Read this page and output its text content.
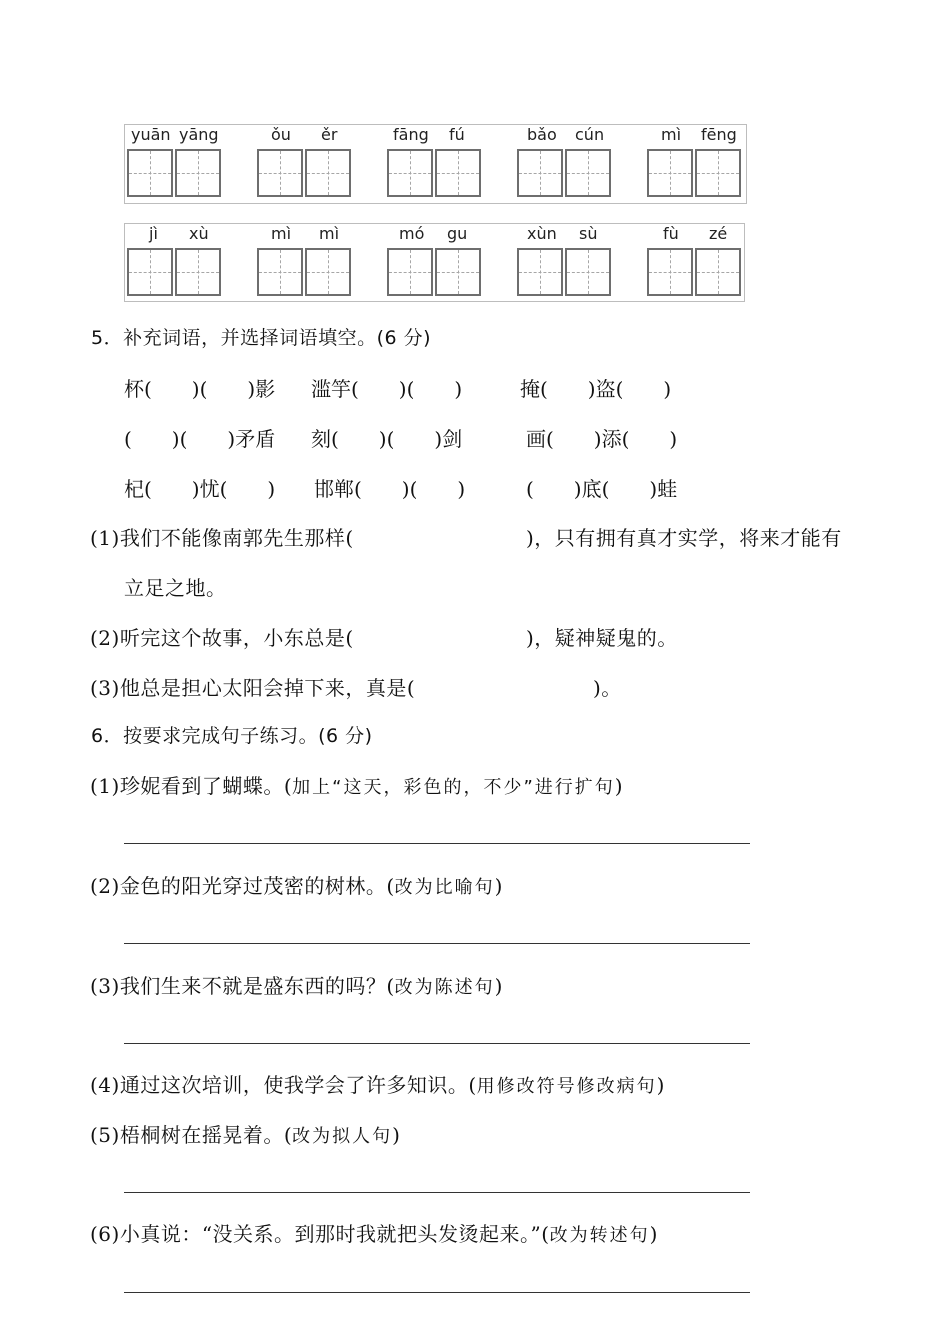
yuān yāng	ǒu ěr	fāng fú	bǎo cún	mì fēng
jì xù	mì mì	mó gu	xùn sù	fù zé
5．补充词语，并选择词语填空。(6 分)
杯(　　)(　　)影 滥竽(　　)(　　)	掩(　　)盗(　　)
(　　)(　　)矛盾 刻(　　)(　　)剑	画(　　)添(　　)
杞(　　)忧(　　) 邯郸(　　)(　　)	(　　)底(　　)蛙
(1)我们不能像南郭先生那样(	)，只有拥有真才实学，将来才能有
立足之地。
(2)听完这个故事，小东总是(	)，疑神疑鬼的。
(3)他总是担心太阳会掉下来，真是(	)。
6．按要求完成句子练习。(6 分)
(1)珍妮看到了蝴蝶。(加上“这天，彩色的，不少”进行扩句)
(2)金色的阳光穿过茂密的树林。(改为比喻句)
(3)我们生来不就是盛东西的吗？(改为陈述句)
(4)通过这次培训，使我学会了许多知识。(用修改符号修改病句)
(5)梧桐树在摇晃着。(改为拟人句)
(6)小真说：“没关系。到那时我就把头发烫起来。”(改为转述句)
